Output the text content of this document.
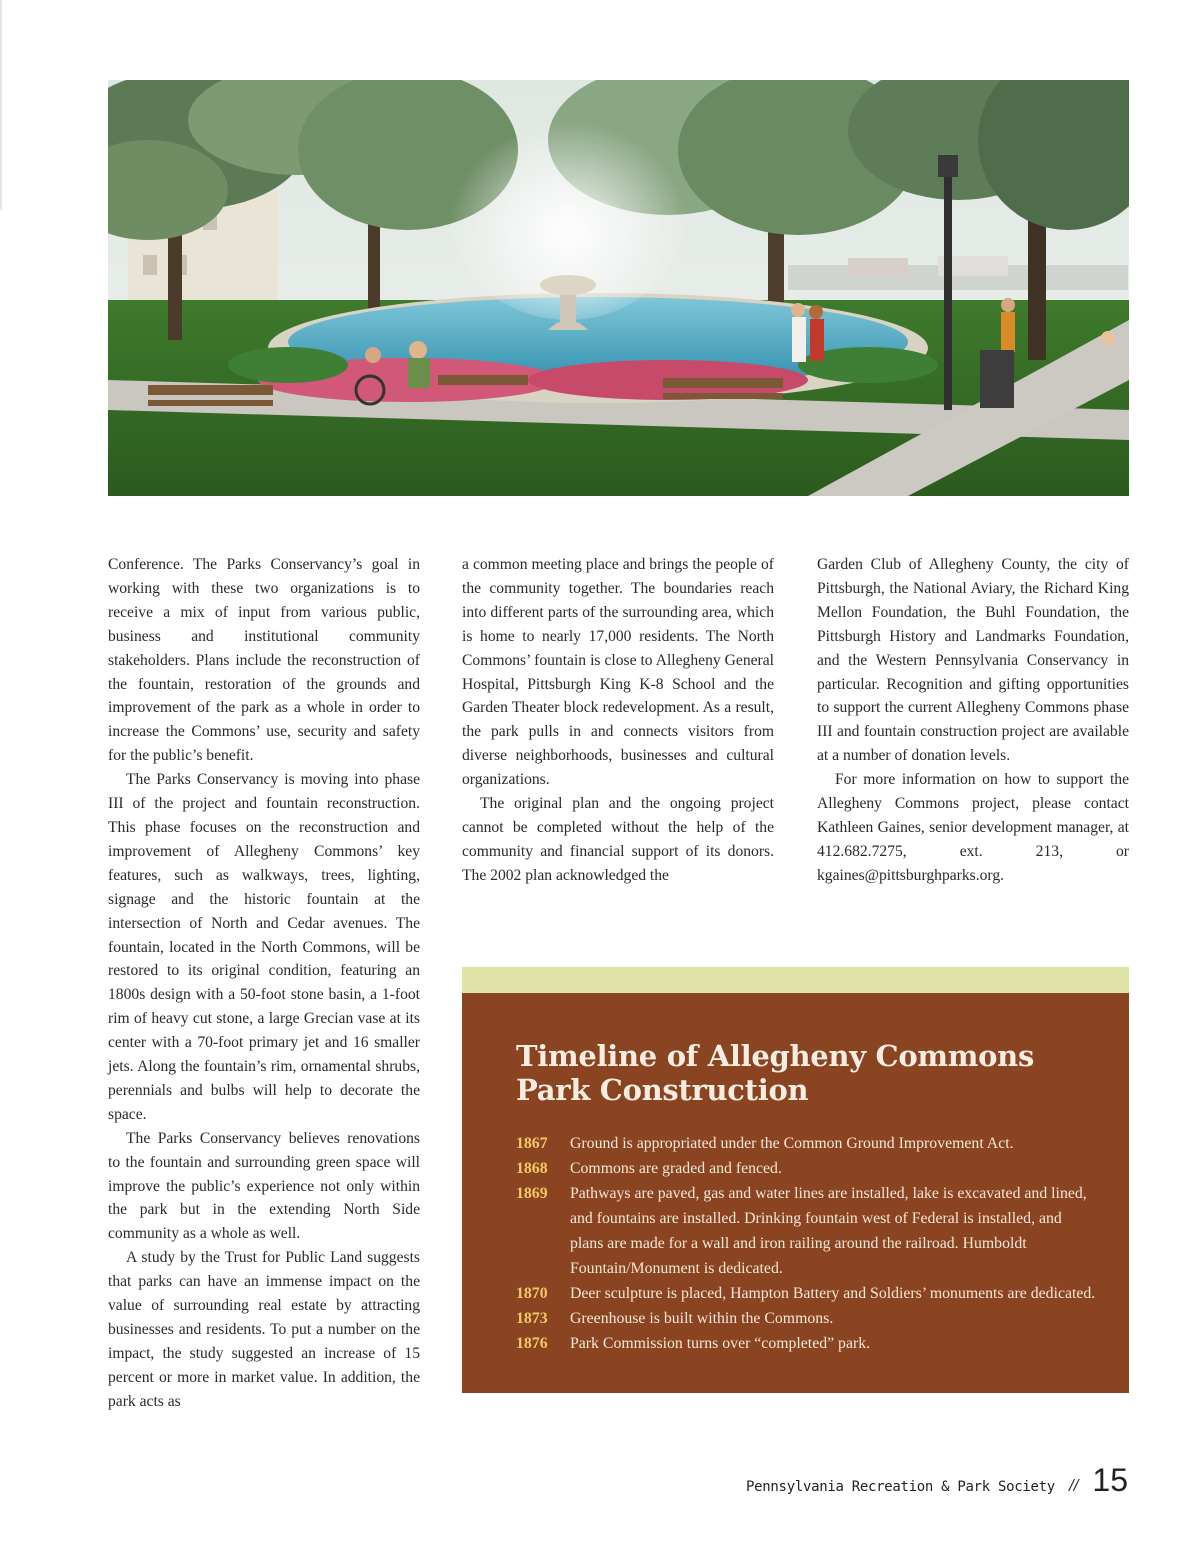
Conference. The Parks Conservancy’s goal in working with these two organizations is to receive a mix of input from various public, business and institutional community stakeholders. Plans include the reconstruction of the fountain, restoration of the grounds and improvement of the park as a whole in order to increase the Commons’ use, security and safety for the public’s benefit.

The Parks Conservancy is moving into phase III of the project and fountain reconstruction. This phase focuses on the reconstruction and improvement of Allegheny Commons’ key features, such as walkways, trees, lighting, signage and the historic fountain at the intersection of North and Cedar avenues. The fountain, located in the North Commons, will be restored to its original condition, featuring an 1800s design with a 50-foot stone basin, a 1-foot rim of heavy cut stone, a large Grecian vase at its center with a 70-foot primary jet and 16 smaller jets. Along the fountain’s rim, ornamental shrubs, perennials and bulbs will help to decorate the space.

The Parks Conservancy believes renovations to the fountain and surrounding green space will improve the public’s experience not only within the park but in the extending North Side community as a whole as well.

A study by the Trust for Public Land suggests that parks can have an immense impact on the value of surrounding real estate by attracting businesses and residents. To put a number on the impact, the study suggested an increase of 15 percent or more in market value. In addition, the park acts as

a common meeting place and brings the people of the community together. The boundaries reach into different parts of the surrounding area, which is home to nearly 17,000 residents. The North Commons’ fountain is close to Allegheny General Hospital, Pittsburgh King K-8 School and the Garden Theater block redevelopment. As a result, the park pulls in and connects visitors from diverse neighborhoods, businesses and cultural organizations.

The original plan and the ongoing project cannot be completed without the help of the community and financial support of its donors. The 2002 plan acknowledged the

Garden Club of Allegheny County, the city of Pittsburgh, the National Aviary, the Richard King Mellon Foundation, the Buhl Foundation, the Pittsburgh History and Landmarks Foundation, and the Western Pennsylvania Conservancy in particular. Recognition and gifting opportunities to support the current Allegheny Commons phase III and fountain construction project are available at a number of donation levels.

For more information on how to support the Allegheny Commons project, please contact Kathleen Gaines, senior development manager, at 412.682.7275, ext. 213, or kgaines@pittsburghparks.org.

Timeline of Allegheny Commons
Park Construction
1867	Ground is appropriated under the Common Ground Improvement Act.
1868	Commons are graded and fenced.
1869	Pathways are paved, gas and water lines are installed, lake is excavated and lined, and fountains are installed. Drinking fountain west of Federal is installed, and plans are made for a wall and iron railing around the railroad. Humboldt Fountain/Monument is dedicated.
1870	Deer sculpture is placed, Hampton Battery and Soldiers’ monuments are dedicated.
1873	Greenhouse is built within the Commons.
1876	Park Commission turns over “completed” park.
Pennsylvania Recreation & Park Society // 15
